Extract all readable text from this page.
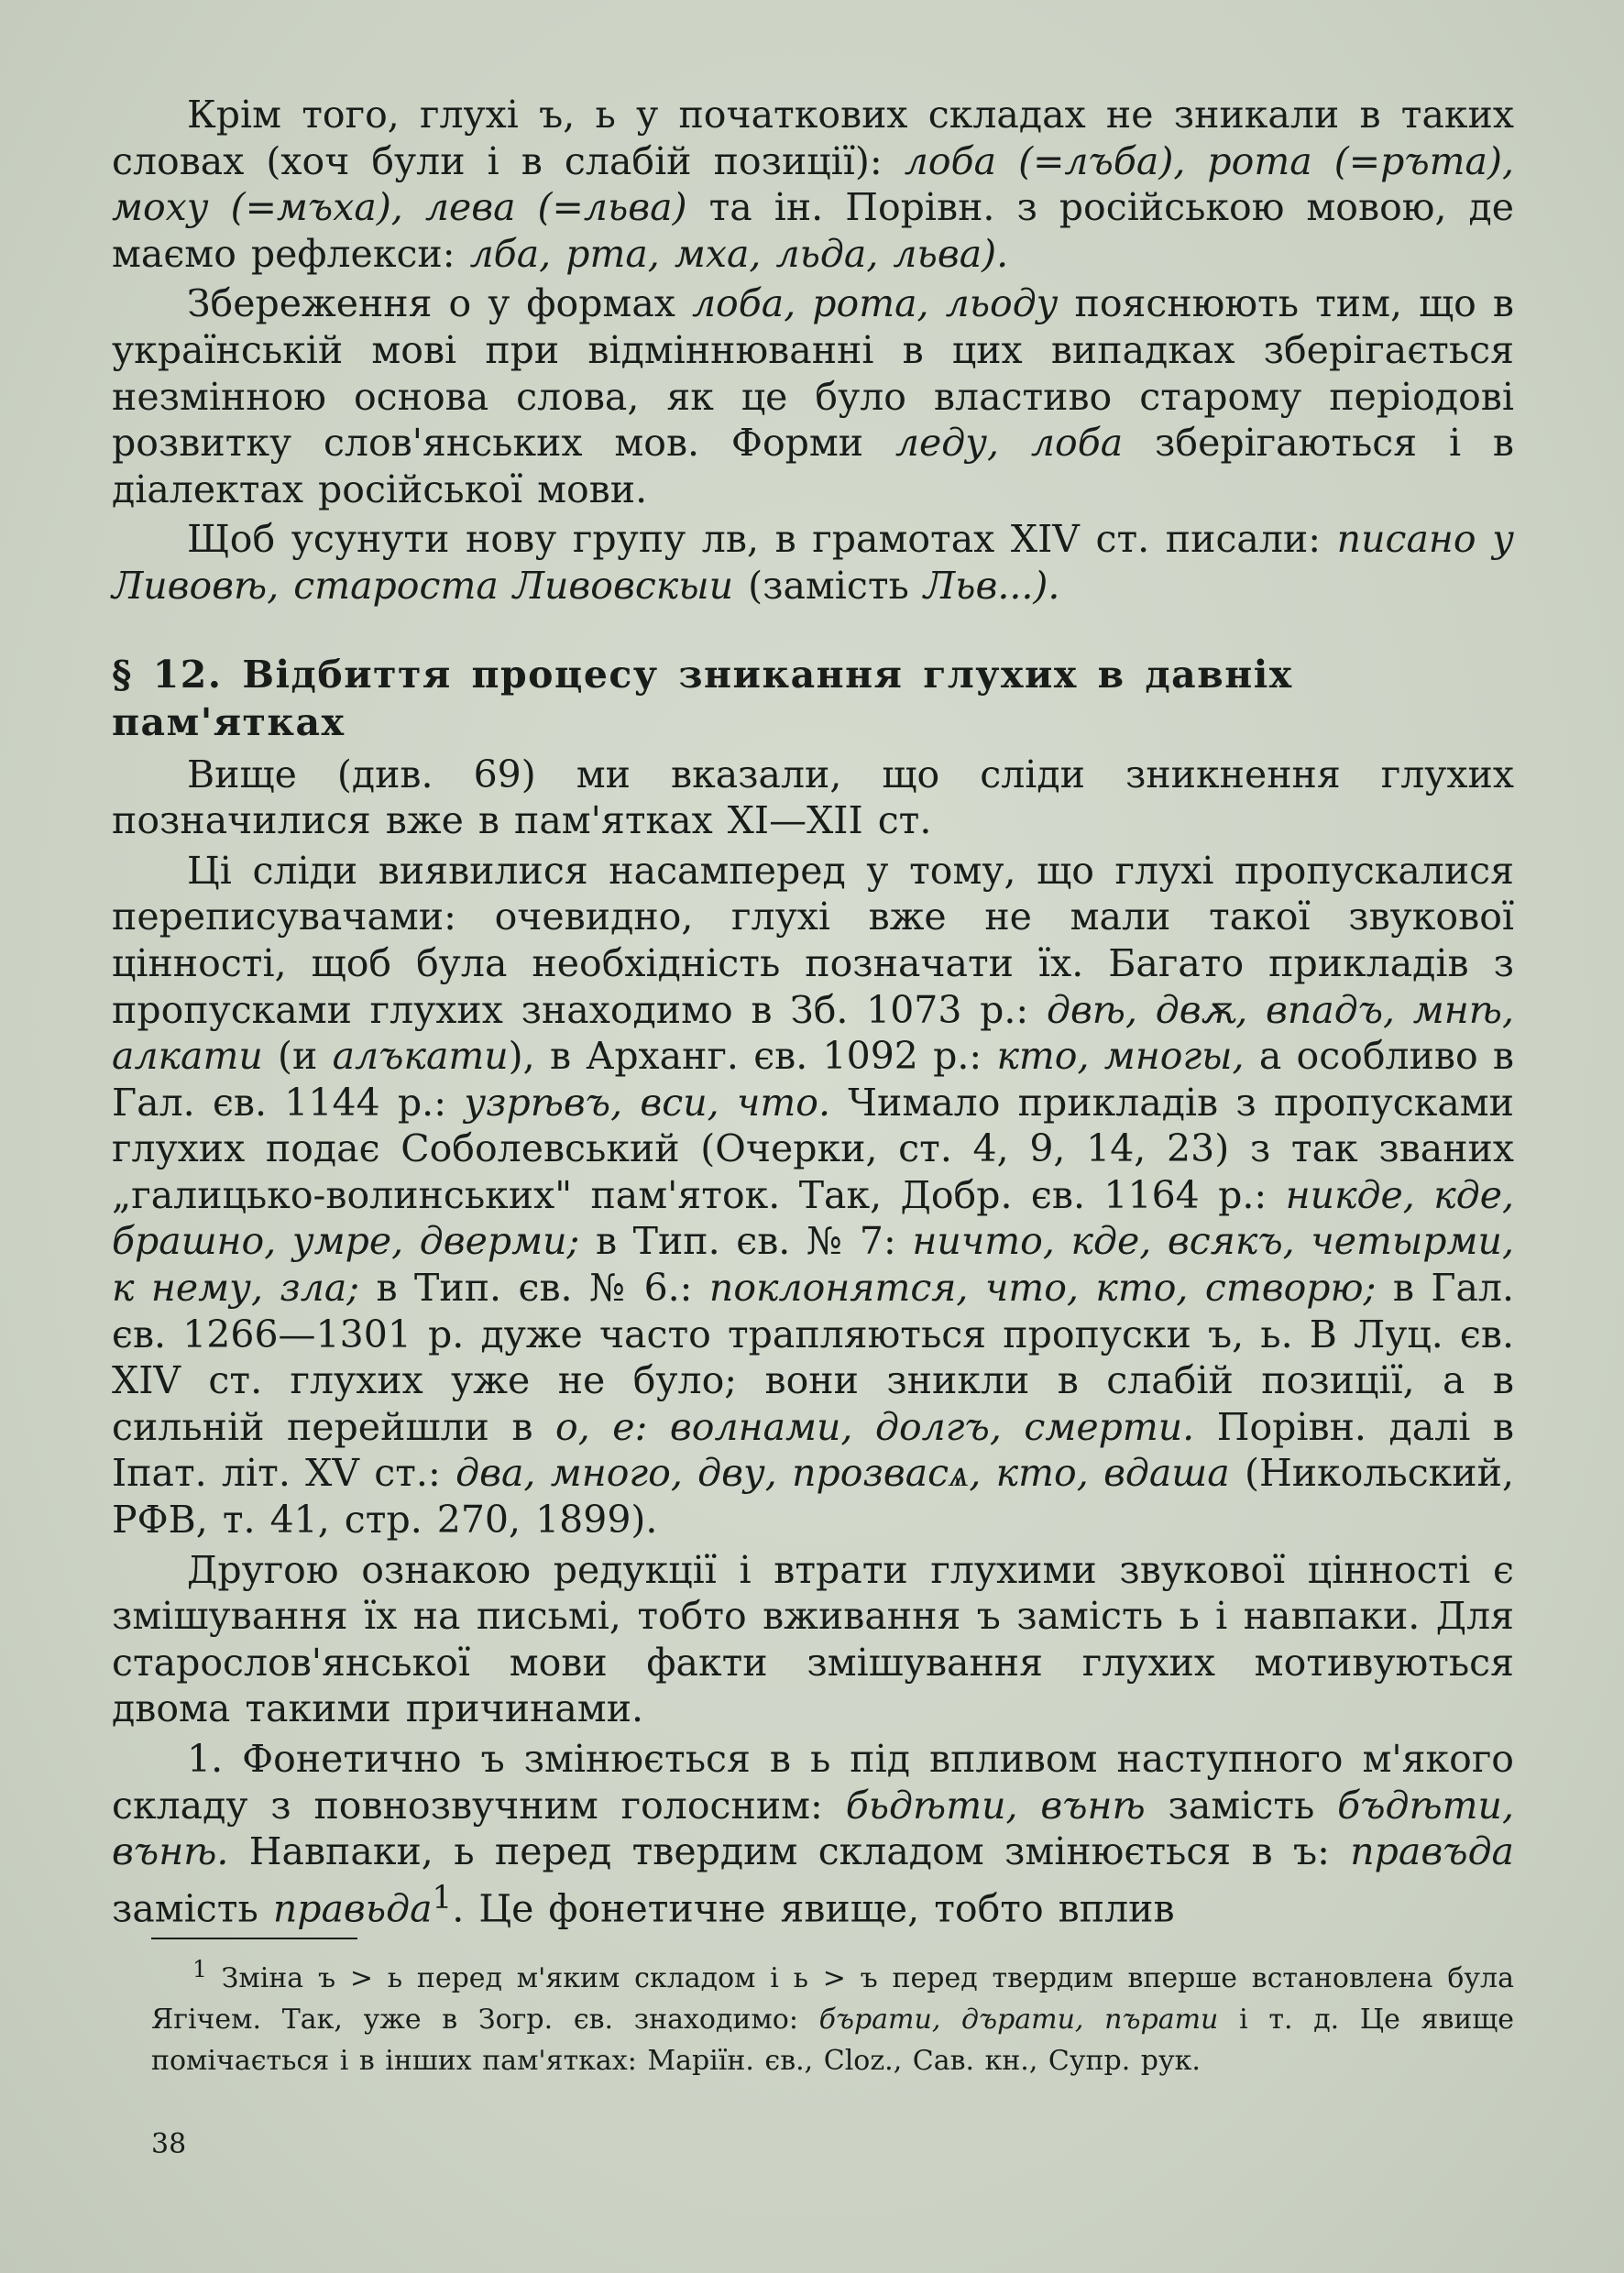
Крім того, глухі ъ, ь у початкових складах не зникали в таких словах (хоч були і в слабій позиції): лоба (=лъба), рота (=ръта), моху (=мъха), лева (=льва) та ін. Порівн. з російською мовою, де маємо рефлекси: лба, рта, мха, льда, льва).

Збереження о у формах лоба, рота, льоду пояснюють тим, що в українській мові при відміннюванні в цих випадках зберігається незмінною основа слова, як це було властиво старому періодові розвитку слов'янських мов. Форми леду, лоба зберігаються і в діалектах російської мови.

Щоб усунути нову групу лв, в грамотах XIV ст. писали: писано у Ливовѣ, староста Ливовскыи (замість Льв...).

§ 12. Відбиття процесу зникання глухих в давніх пам'ятках

Вище (див. 69) ми вказали, що сліди зникнення глухих позначилися вже в пам'ятках XI—XII ст.

Ці сліди виявилися насамперед у тому, що глухі пропускалися переписувачами: очевидно, глухі вже не мали такої звукової цінності, щоб була необхідність позначати їх. Багато прикладів з пропусками глухих знаходимо в Зб. 1073 р.: двѣ, двѫ, впадъ, мнѣ, алкати (и алъкати), в Арханг. єв. 1092 р.: кто, многы, а особливо в Гал. єв. 1144 р.: узрѣвъ, вси, что. Чимало прикладів з пропусками глухих подає Соболевський (Очерки, ст. 4, 9, 14, 23) з так званих „галицько-волинських" пам'яток. Так, Добр. єв. 1164 р.: никде, кде, брашно, умре, дверми; в Тип. єв. № 7: ничто, кде, всякъ, четырми, к нему, зла; в Тип. єв. № 6.: поклонятся, что, кто, створю; в Гал. єв. 1266—1301 р. дуже часто трапляються пропуски ъ, ь. В Луц. єв. XIV ст. глухих уже не було; вони зникли в слабій позиції, а в сильній перейшли в о, е: волнами, долгъ, смерти. Порівн. далі в Іпат. літ. XV ст.: два, много, дву, прозвасѧ, кто, вдаша (Никольский, РФВ, т. 41, стр. 270, 1899).

Другою ознакою редукції і втрати глухими звукової цінності є змішування їх на письмі, тобто вживання ъ замість ь і навпаки. Для старослов'янської мови факти змішування глухих мотивуються двома такими причинами.

1. Фонетично ъ змінюється в ь під впливом наступного м'якого складу з повнозвучним голосним: бьдѣти, вънѣ замість бъдѣти, вънѣ. Навпаки, ь перед твердим складом змінюється в ъ: правъда замість правьда$^1$. Це фонетичне явище, тобто вплив

$^1$ Зміна ъ > ь перед м'яким складом і ь > ъ перед твердим вперше встановлена була Ягічем. Так, уже в Зогр. єв. знаходимо: бърати, дърати, пърати і т. д. Це явище помічається і в інших пам'ятках: Маріїн. єв., Cloz., Сав. кн., Супр. рук.

38
